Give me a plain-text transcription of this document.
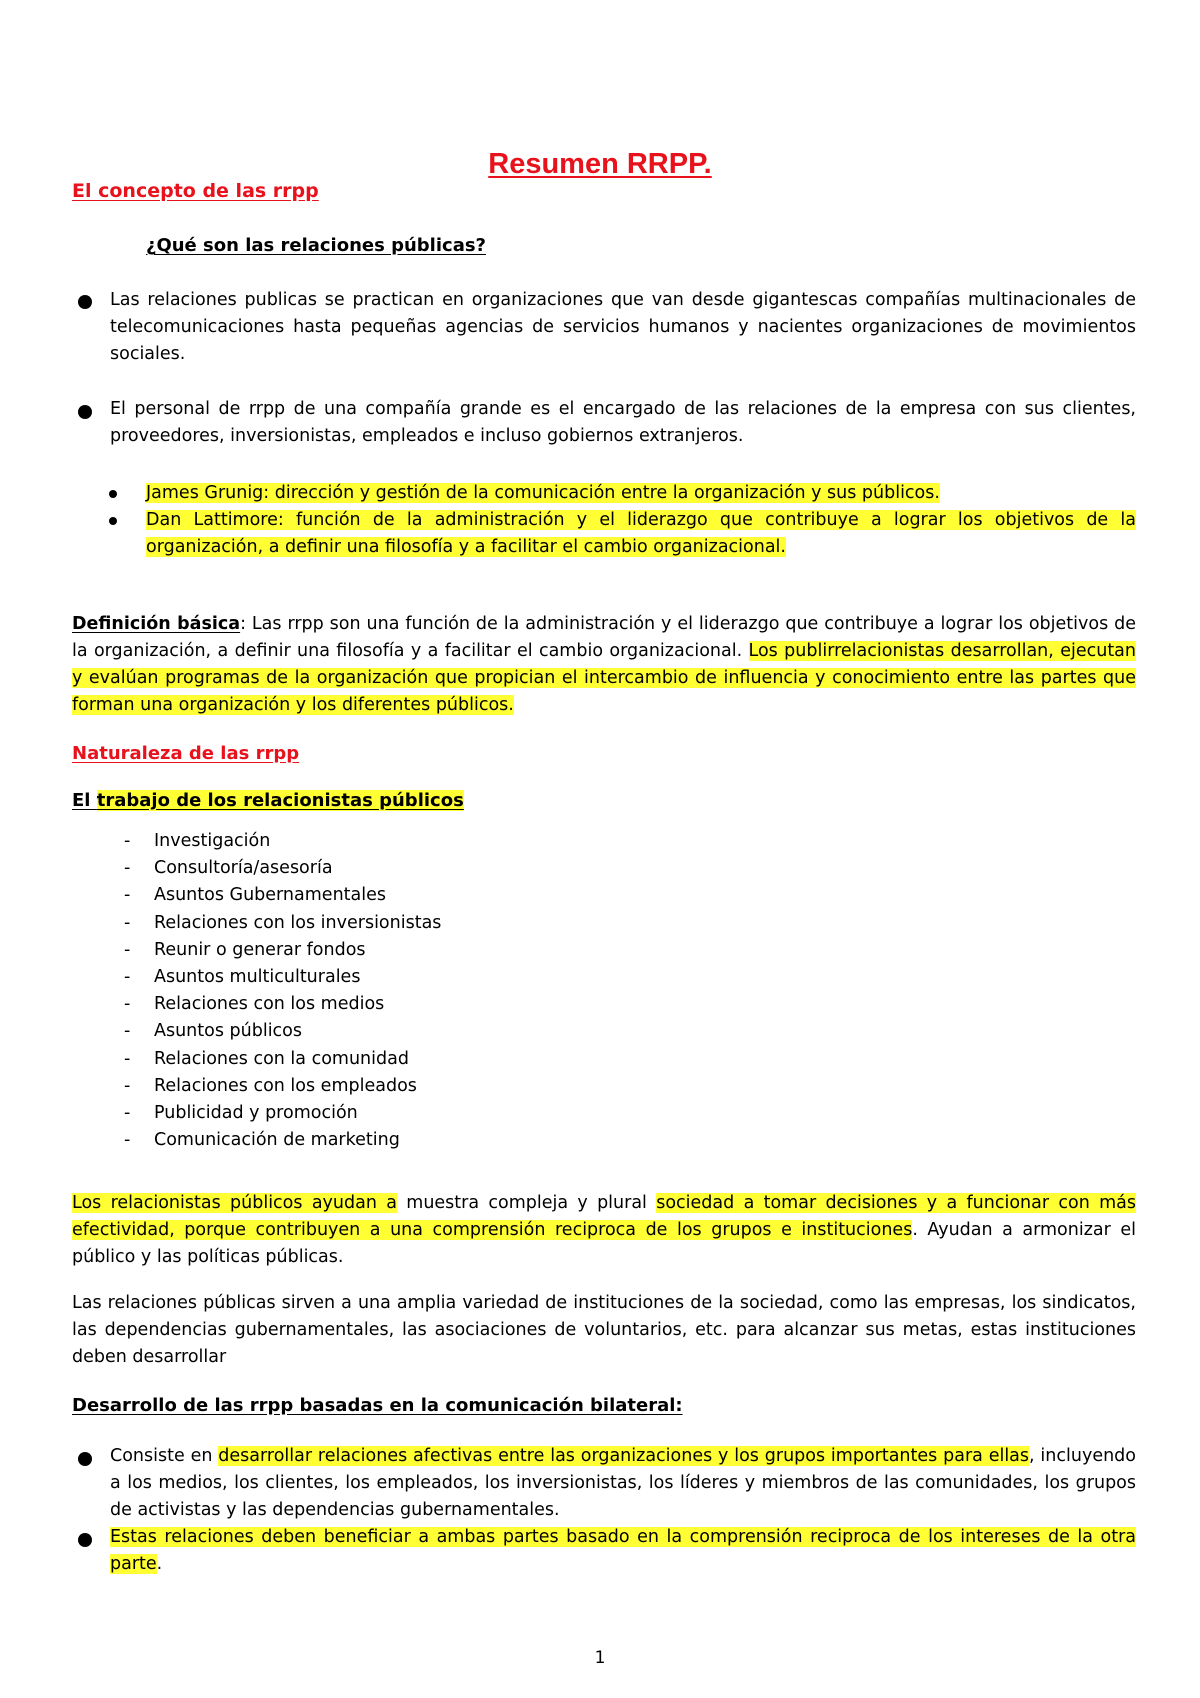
Resumen RRPP.
El concepto de las rrpp
¿Qué son las relaciones públicas?
Las relaciones publicas se practican en organizaciones que van desde gigantescas compañías multinacionales de telecomunicaciones hasta pequeñas agencias de servicios humanos y nacientes organizaciones de movimientos sociales.
El personal de rrpp de una compañía grande es el encargado de las relaciones de la empresa con sus clientes, proveedores, inversionistas, empleados e incluso gobiernos extranjeros.
James Grunig: dirección y gestión de la comunicación entre la organización y sus públicos.
Dan Lattimore: función de la administración y el liderazgo que contribuye a lograr los objetivos de la organización, a definir una filosofía y a facilitar el cambio organizacional.
Definición básica: Las rrpp son una función de la administración y el liderazgo que contribuye a lograr los objetivos de la organización, a definir una filosofía y a facilitar el cambio organizacional. Los publirrelacionistas desarrollan, ejecutan y evalúan programas de la organización que propician el intercambio de influencia y conocimiento entre las partes que forman una organización y los diferentes públicos.
Naturaleza de las rrpp
El trabajo de los relacionistas públicos
- Investigación
- Consultoría/asesoría
- Asuntos Gubernamentales
- Relaciones con los inversionistas
- Reunir o generar fondos
- Asuntos multiculturales
- Relaciones con los medios
- Asuntos públicos
- Relaciones con la comunidad
- Relaciones con los empleados
- Publicidad y promoción
- Comunicación de marketing
Los relacionistas públicos ayudan a muestra compleja y plural sociedad a tomar decisiones y a funcionar con más efectividad, porque contribuyen a una comprensión reciproca de los grupos e instituciones. Ayudan a armonizar el público y las políticas públicas.
Las relaciones públicas sirven a una amplia variedad de instituciones de la sociedad, como las empresas, los sindicatos, las dependencias gubernamentales, las asociaciones de voluntarios, etc. para alcanzar sus metas, estas instituciones deben desarrollar
Desarrollo de las rrpp basadas en la comunicación bilateral:
Consiste en desarrollar relaciones afectivas entre las organizaciones y los grupos importantes para ellas, incluyendo a los medios, los clientes, los empleados, los inversionistas, los líderes y miembros de las comunidades, los grupos de activistas y las dependencias gubernamentales.
Estas relaciones deben beneficiar a ambas partes basado en la comprensión reciproca de los intereses de la otra parte.
1
